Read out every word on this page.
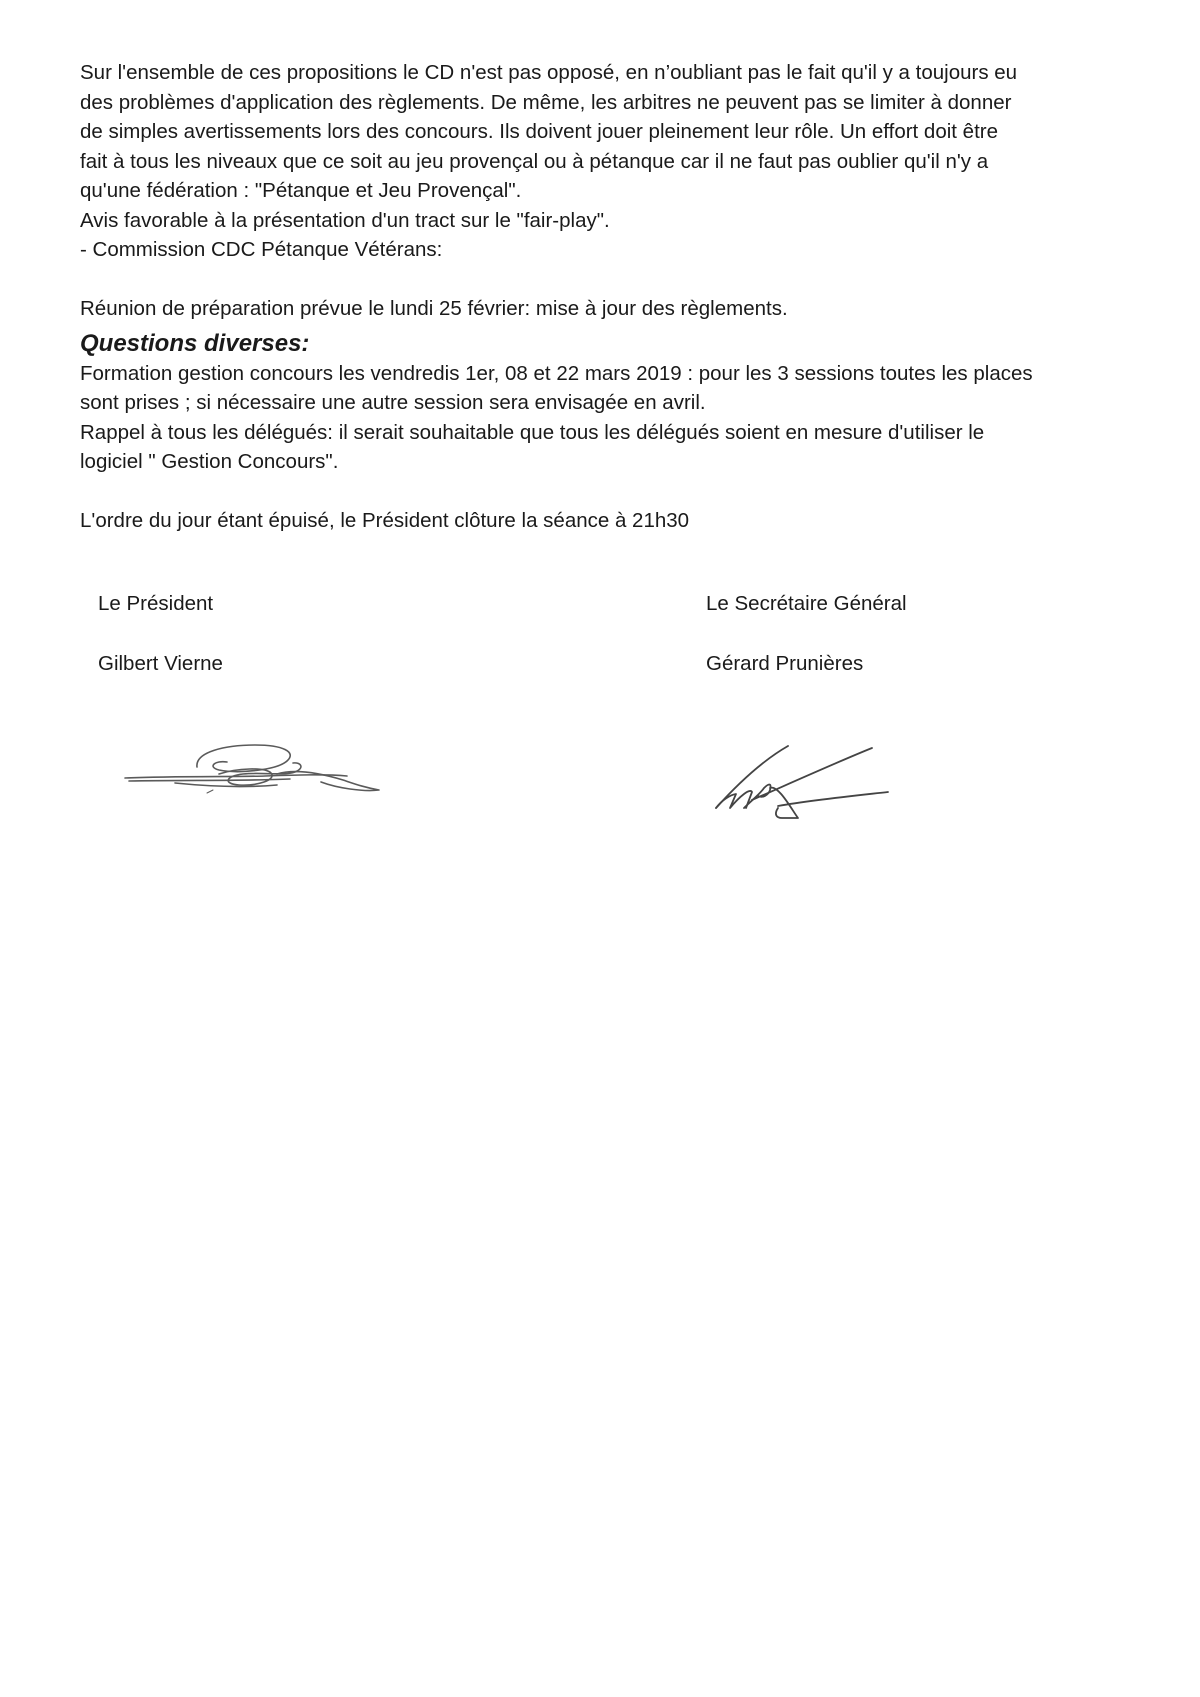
Sur l'ensemble de ces propositions le CD n'est pas opposé, en n’oubliant pas le fait qu'il y a toujours eu
des problèmes d'application des règlements. De même, les arbitres ne peuvent pas se limiter à donner
de simples avertissements lors des concours. Ils doivent jouer pleinement leur rôle. Un effort doit être
fait à tous les niveaux que ce soit au jeu provençal ou à pétanque car il ne faut pas oublier qu'il n'y a
qu'une fédération : "Pétanque et Jeu Provençal".
Avis favorable à la présentation d'un tract sur le "fair-play".
- Commission CDC Pétanque Vétérans:
Réunion de préparation prévue le lundi 25 février: mise à jour des règlements.
Questions diverses:
Formation gestion concours les vendredis 1er, 08 et 22 mars 2019 : pour les 3 sessions toutes les places
sont prises ; si nécessaire une autre session sera envisagée en avril.
Rappel à tous les délégués: il serait souhaitable que tous les délégués soient en mesure d'utiliser le
logiciel " Gestion Concours".
L'ordre du jour étant épuisé, le Président clôture la séance à 21h30
Le Président
Gilbert Vierne
Le Secrétaire Général
Gérard Prunières
